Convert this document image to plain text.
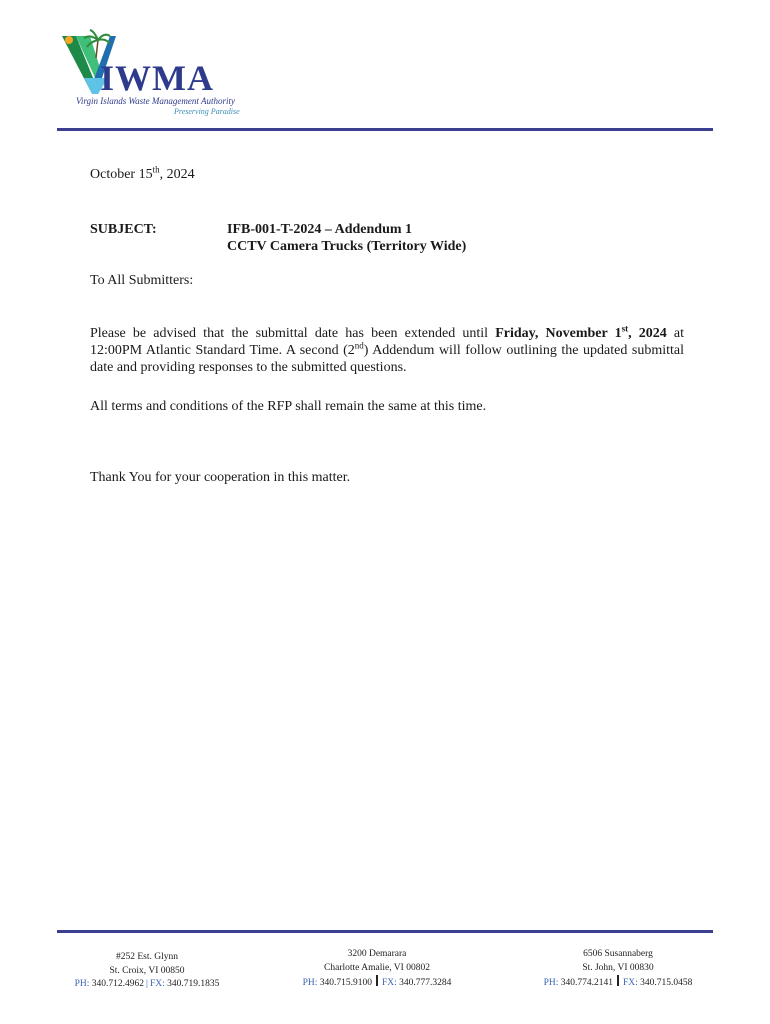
IWMA
Virgin Islands Waste Management Authority
Preserving Paradise
October 15th, 2024
SUBJECT:	IFB-001-T-2024 – Addendum 1
CCTV Camera Trucks (Territory Wide)
To All Submitters:
Please be advised that the submittal date has been extended until Friday, November 1st, 2024 at 12:00PM Atlantic Standard Time. A second (2nd) Addendum will follow outlining the updated submittal date and providing responses to the submitted questions.
All terms and conditions of the RFP shall remain the same at this time.
Thank You for your cooperation in this matter.
#252 Est. Glynn
St. Croix, VI 00850
PH: 340.712.4962 | FX: 340.719.1835
3200 Demarara
Charlotte Amalie, VI 00802
PH: 340.715.9100 FX: 340.777.3284
6506 Susannaberg
St. John, VI 00830
PH: 340.774.2141 FX: 340.715.0458
